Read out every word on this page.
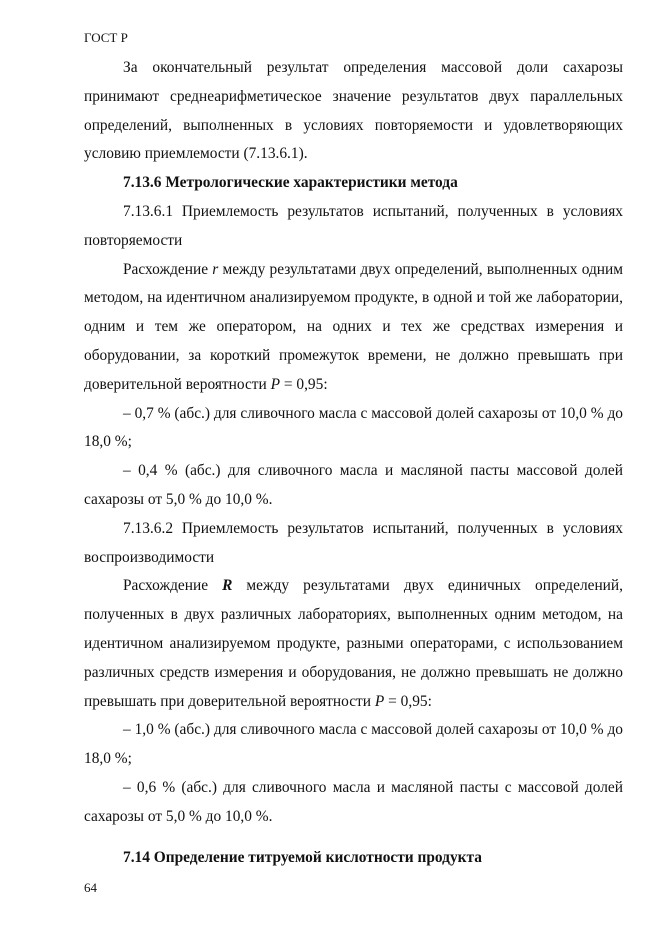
ГОСТ Р

За окончательный результат определения массовой доли сахарозы принимают среднеарифметическое значение результатов двух параллельных определений, выполненных в условиях повторяемости и удовлетворяющих условию приемлемости (7.13.6.1).

7.13.6 Метрологические характеристики метода

7.13.6.1 Приемлемость результатов испытаний, полученных в условиях повторяемости

Расхождение r между результатами двух определений, выполненных одним методом, на идентичном анализируемом продукте, в одной и той же лаборатории, одним и тем же оператором, на одних и тех же средствах измерения и оборудовании, за короткий промежуток времени, не должно превышать при доверительной вероятности P = 0,95:

– 0,7 % (абс.) для сливочного масла с массовой долей сахарозы от 10,0 % до 18,0 %;

– 0,4 % (абс.) для сливочного масла и масляной пасты массовой долей сахарозы от 5,0 % до 10,0 %.

7.13.6.2 Приемлемость результатов испытаний, полученных в условиях воспроизводимости

Расхождение R между результатами двух единичных определений, полученных в двух различных лабораториях, выполненных одним методом, на идентичном анализируемом продукте, разными операторами, с использованием различных средств измерения и оборудования, не должно превышать не должно превышать при доверительной вероятности P = 0,95:

– 1,0 % (абс.) для сливочного масла с массовой долей сахарозы от 10,0 % до 18,0 %;

– 0,6 % (абс.) для сливочного масла и масляной пасты с массовой долей сахарозы от 5,0 % до 10,0 %.

7.14 Определение титруемой кислотности продукта

64
